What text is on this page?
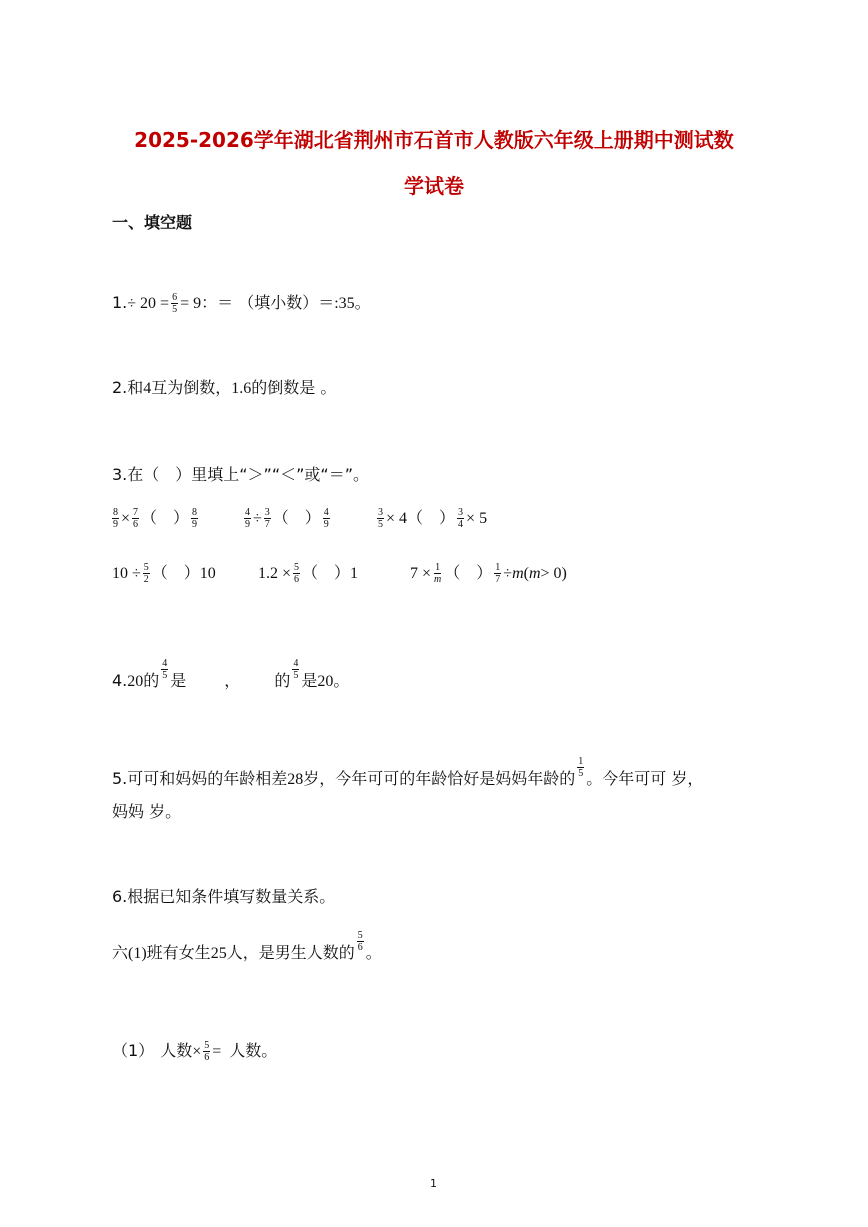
2025-2026学年湖北省荆州市石首市人教版六年级上册期中测试数
学试卷
一、填空题
$1.\div 20 = \frac{6}{5} = 9$：＝ （填小数）＝:35。
2.和4互为倒数，1.6的倒数是 。
3.在（　）里填上“＞”“＜”或“＝”。
$\frac{8}{9} \times \frac{7}{6}$ （　） $\frac{8}{9}$	$\frac{4}{9} \div \frac{3}{7}$ （　） $\frac{4}{9}$	$\frac{3}{5} \times 4$（　） $\frac{3}{4} \times 5$
$10 \div \frac{5}{2}$ （　）10	$1.2 \times \frac{5}{6}$ （　）1	$7 \times \frac{1}{m}$ （　） $\frac{1}{7} \div m(m> 0)$
4.20的 $\frac{4}{5}$ 是 ， 的 $\frac{4}{5}$ 是20。
5.可可和妈妈的年龄相差28岁，今年可可的年龄恰好是妈妈年龄的 $\frac{1}{5}$ 。今年可可 岁，
妈妈 岁。
6.根据已知条件填写数量关系。
六(1)班有女生25人，是男生人数的 $\frac{5}{6}$ 。
（1） 人数× $\frac{5}{6}$ = 人数。
1
